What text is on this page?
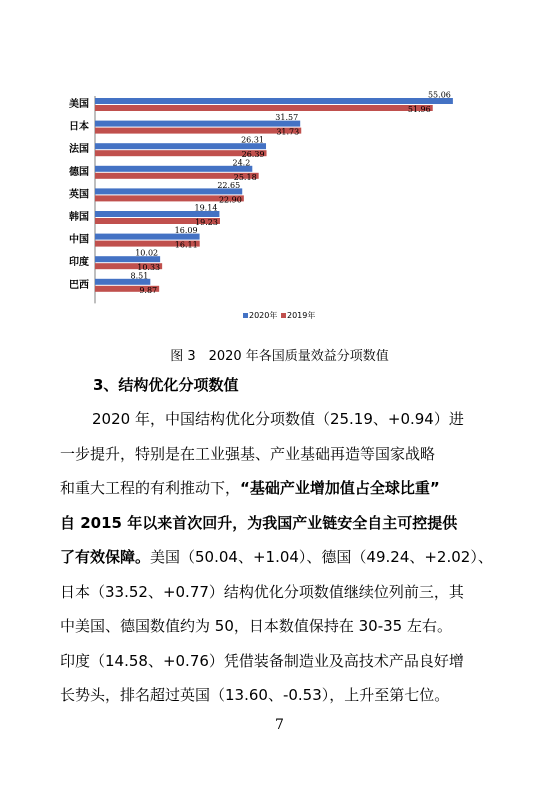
美国
55.06
51.96
日本
31.57
31.73
法国
26.31
26.39
德国
24.2
25.18
英国
22.65
22.90
韩国
19.14
19.23
中国
16.09
16.11
印度
10.02
10.33
巴西
8.51
9.87
2020年 2019年
图 3　2020 年各国质量效益分项数值
3、结构优化分项数值
2020 年，中国结构优化分项数值（25.19、+0.94）进
一步提升，特别是在工业强基、产业基础再造等国家战略
和重大工程的有利推动下，“基础产业增加值占全球比重”
自 2015 年以来首次回升，为我国产业链安全自主可控提供
了有效保障。美国（50.04、+1.04）、德国（49.24、+2.02）、
日本（33.52、+0.77）结构优化分项数值继续位列前三，其
中美国、德国数值约为 50，日本数值保持在 30-35 左右。
印度（14.58、+0.76）凭借装备制造业及高技术产品良好增
长势头，排名超过英国（13.60、-0.53），上升至第七位。
7
